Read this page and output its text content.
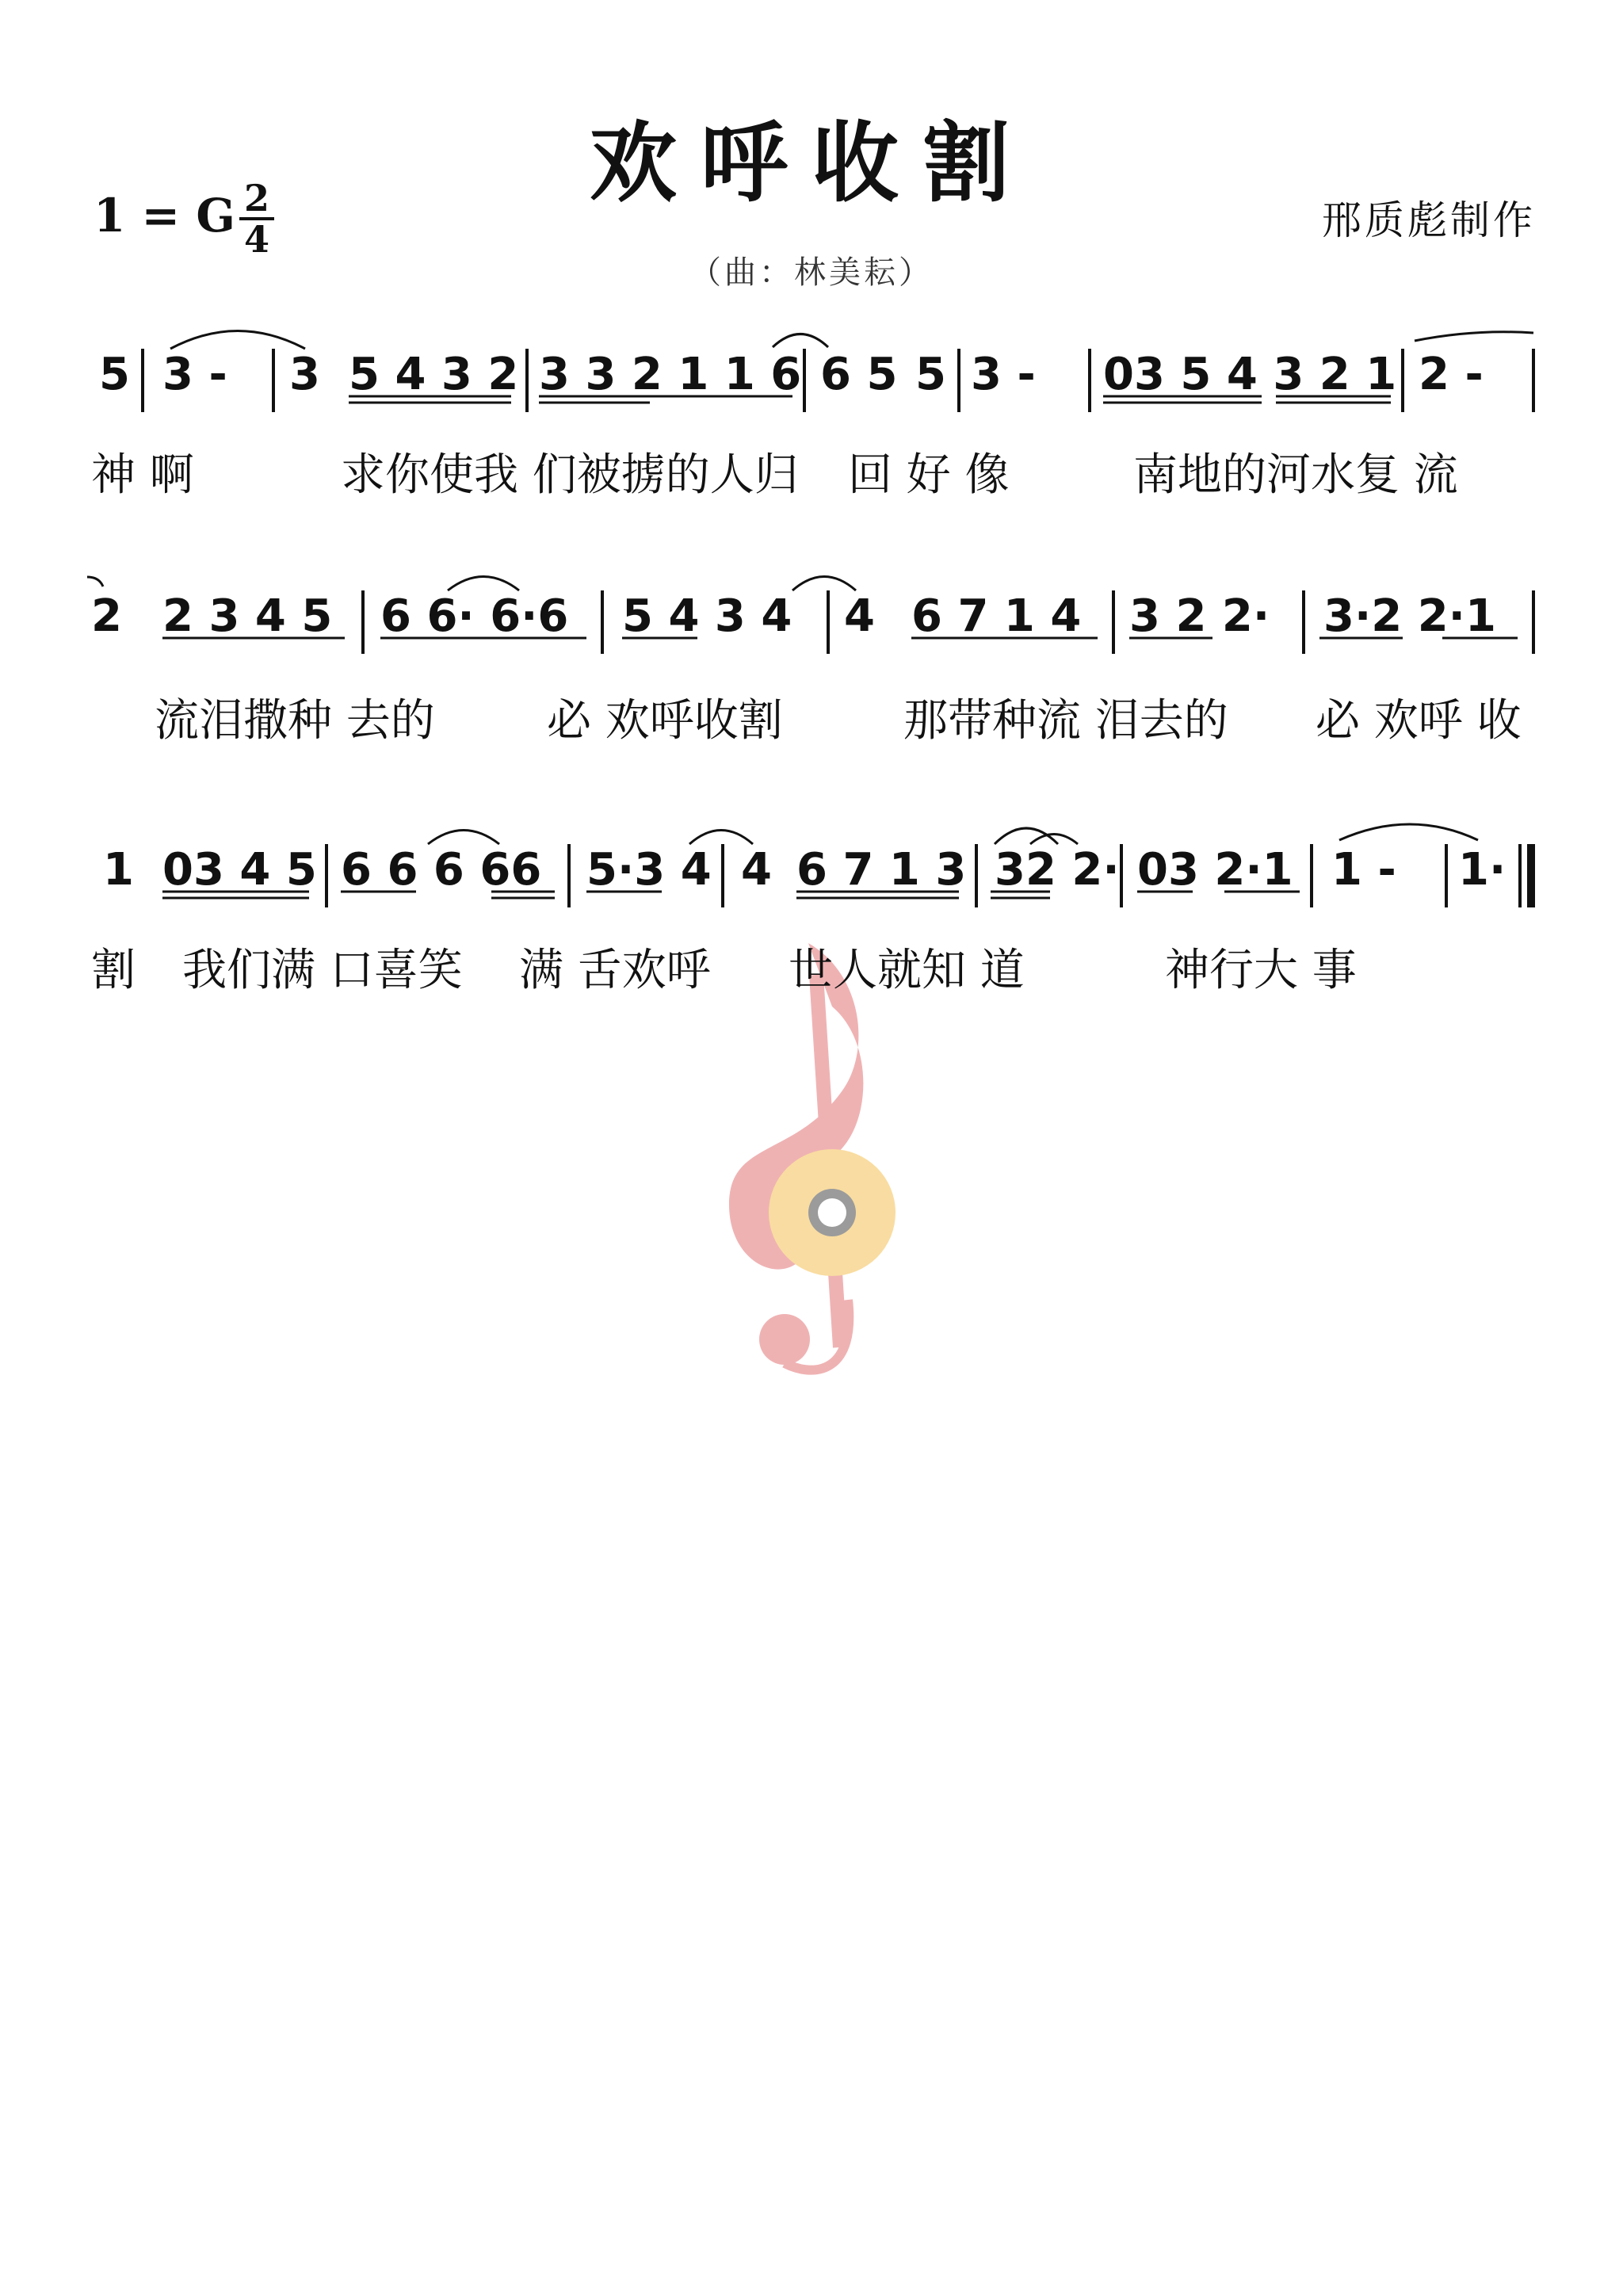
欢呼收割
1 = G 2
4	邢质彪制作
（曲：林美耘）
5 3 - 3 5 4 3 2 3 3 2 1 1 6 6 5 5 3 - 03 5 4 3 2 1 2 -
神 啊	求你使我 们被掳的人归 回 好 像	南地的河水复 流
2 2 3 4 5 6 6· 6·6 5 4 3 4 4 6 7 1 4 3 2 2· 3·2 2·1
流泪撒种 去的	必 欢呼收割	那带种流 泪去的 必 欢呼 收
1 03 4 5 6 6 6 66 5·3 4 4 6 7 1 3 32 2· 03 2·1 1 - 1·
割 我们满 口喜笑 满 舌欢呼 世人就知 道	神行大 事
